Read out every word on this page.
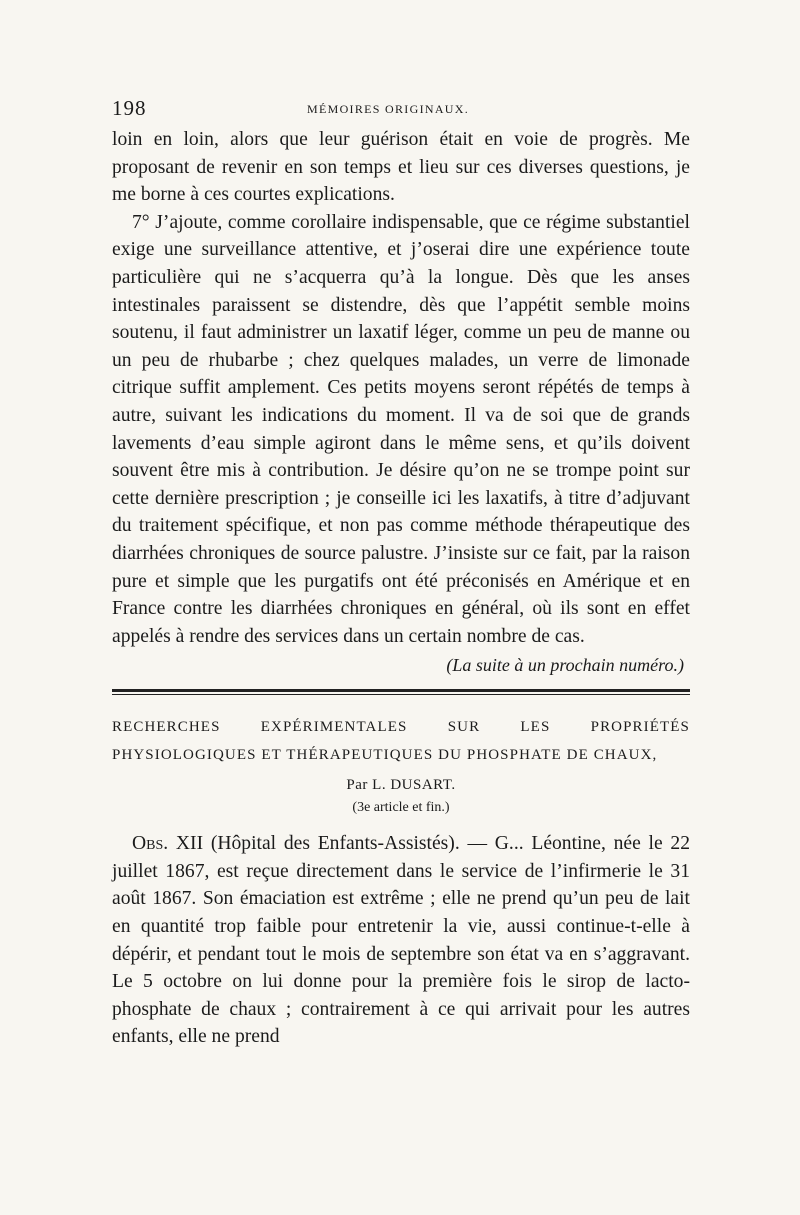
198	MÉMOIRES ORIGINAUX.

loin en loin, alors que leur guérison était en voie de progrès. Me proposant de revenir en son temps et lieu sur ces diverses questions, je me borne à ces courtes explications.

7° J’ajoute, comme corollaire indispensable, que ce régime substantiel exige une surveillance attentive, et j’oserai dire une expérience toute particulière qui ne s’acquerra qu’à la longue. Dès que les anses intestinales paraissent se distendre, dès que l’appétit semble moins soutenu, il faut administrer un laxatif léger, comme un peu de manne ou un peu de rhubarbe ; chez quelques malades, un verre de limonade citrique suffit amplement. Ces petits moyens seront répétés de temps à autre, suivant les indications du moment. Il va de soi que de grands lavements d’eau simple agiront dans le même sens, et qu’ils doivent souvent être mis à contribution. Je désire qu’on ne se trompe point sur cette dernière prescription ; je conseille ici les laxatifs, à titre d’adjuvant du traitement spécifique, et non pas comme méthode thérapeutique des diarrhées chroniques de source palustre. J’insiste sur ce fait, par la raison pure et simple que les purgatifs ont été préconisés en Amérique et en France contre les diarrhées chroniques en général, où ils sont en effet appelés à rendre des services dans un certain nombre de cas.

(La suite à un prochain numéro.)

RECHERCHES EXPÉRIMENTALES SUR LES PROPRIÉTÉS PHYSIOLOGIQUES ET THÉRAPEUTIQUES DU PHOSPHATE DE CHAUX,

Par L. DUSART.

(3e article et fin.)

Obs. XII (Hôpital des Enfants-Assistés). — G... Léontine, née le 22 juillet 1867, est reçue directement dans le service de l’infirmerie le 31 août 1867. Son émaciation est extrême ; elle ne prend qu’un peu de lait en quantité trop faible pour entretenir la vie, aussi continue-t-elle à dépérir, et pendant tout le mois de septembre son état va en s’aggravant. Le 5 octobre on lui donne pour la première fois le sirop de lacto-phosphate de chaux ; contrairement à ce qui arrivait pour les autres enfants, elle ne prend
